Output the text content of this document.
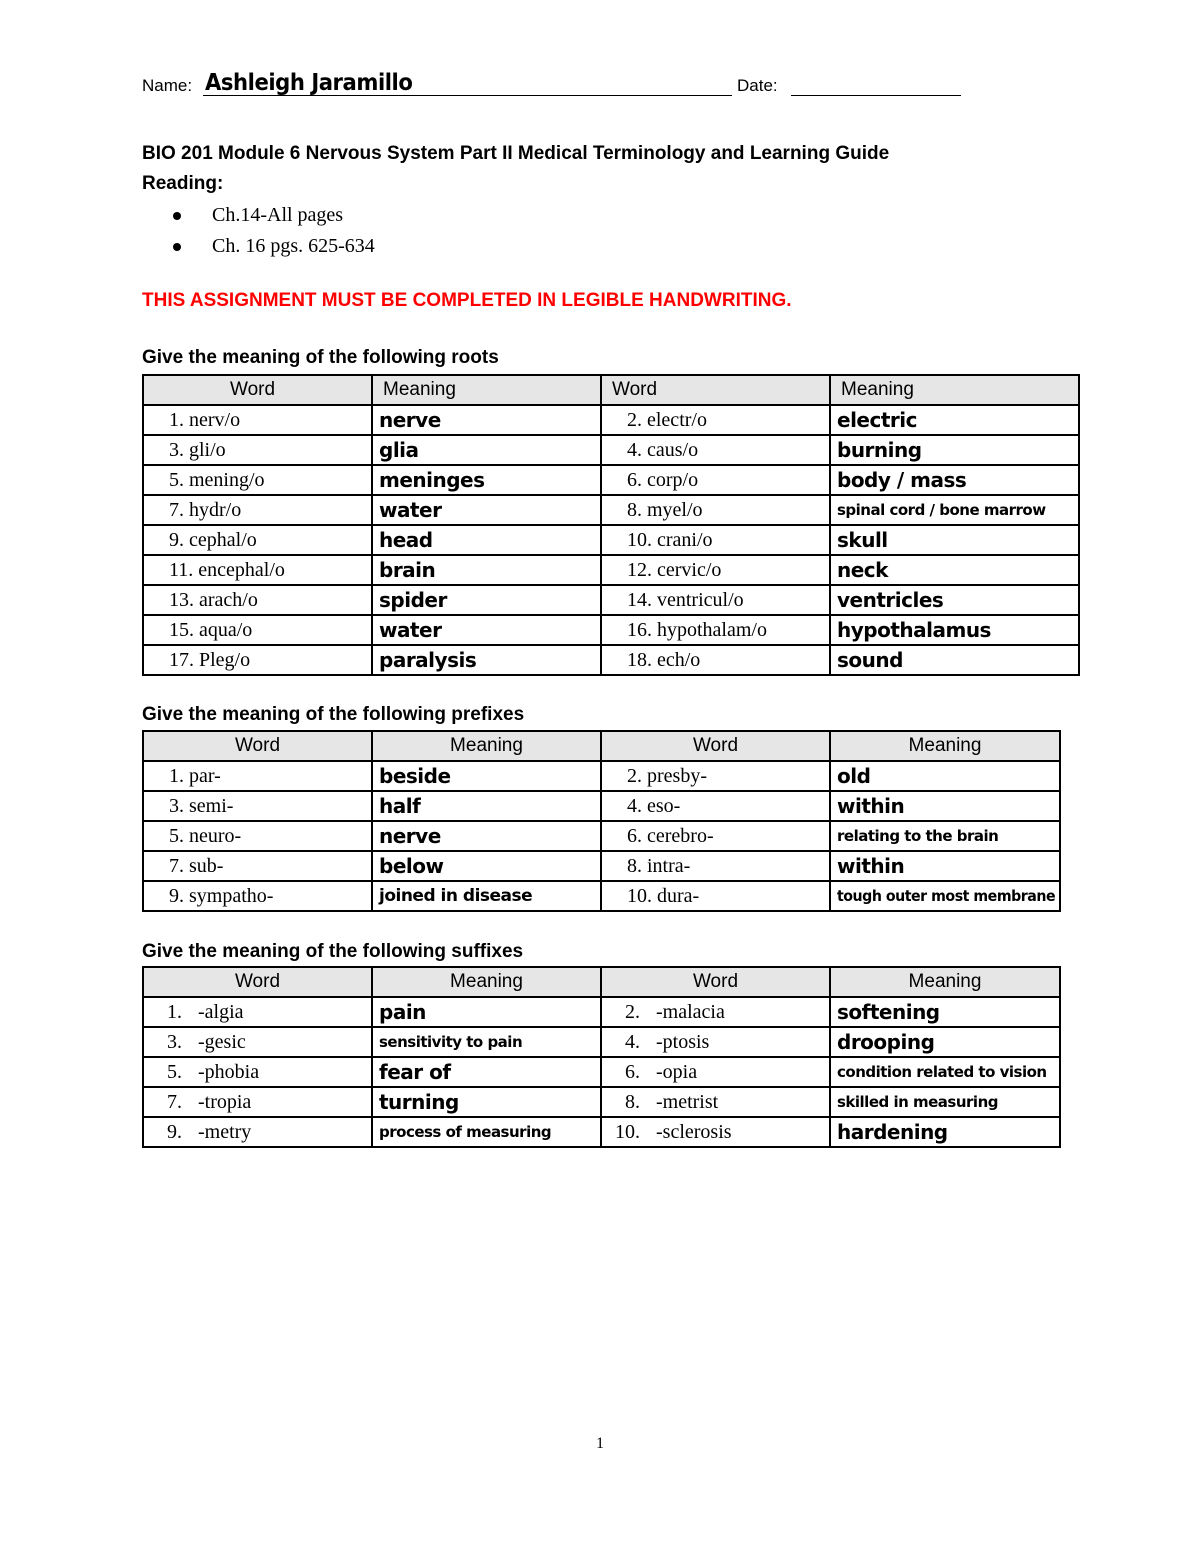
Name: Ashleigh Jaramillo	Date:
BIO 201 Module 6 Nervous System Part II Medical Terminology and Learning Guide
Reading:
Ch.14-All pages
Ch. 16 pgs. 625-634
THIS ASSIGNMENT MUST BE COMPLETED IN LEGIBLE HANDWRITING.
Give the meaning of the following roots
Word	Meaning	Word	Meaning
1. nerv/o	nerve	2. electr/o	electric
3. gli/o	glia	4. caus/o	burning
5. mening/o	meninges	6. corp/o	body / mass
7. hydr/o	water	8. myel/o	spinal cord / bone marrow
9. cephal/o	head	10. crani/o	skull
11. encephal/o	brain	12. cervic/o	neck
13. arach/o	spider	14. ventricul/o	ventricles
15. aqua/o	water	16. hypothalam/o	hypothalamus
17. Pleg/o	paralysis	18. ech/o	sound
Give the meaning of the following prefixes
Word	Meaning	Word	Meaning
1. par-	beside	2. presby-	old
3. semi-	half	4. eso-	within
5. neuro-	nerve	6. cerebro-	relating to the brain
7. sub-	below	8. intra-	within
9. sympatho-	joined in disease	10. dura-	tough outer most membrane
Give the meaning of the following suffixes
Word	Meaning	Word	Meaning
1. -algia	pain	2. -malacia	softening
3. -gesic	sensitivity to pain	4. -ptosis	drooping
5. -phobia	fear of	6. -opia	condition related to vision
7. -tropia	turning	8. -metrist	skilled in measuring
9. -metry	process of measuring	10. -sclerosis	hardening
1
